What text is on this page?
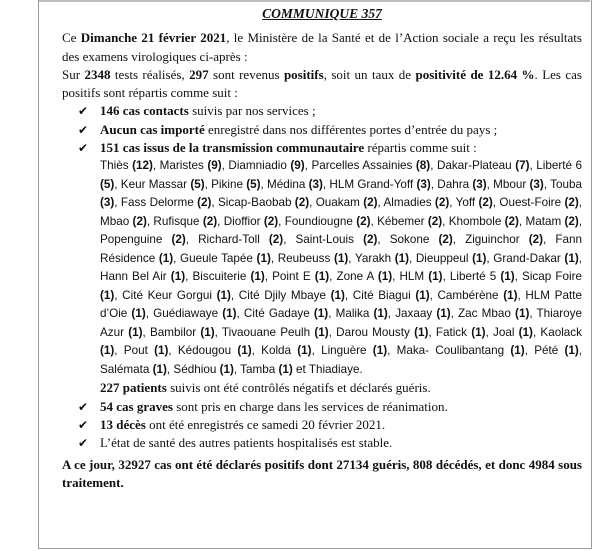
COMMUNIQUE 357

Ce Dimanche 21 février 2021, le Ministère de la Santé et de l’Action sociale a reçu les résultats des examens virologiques ci-après :

Sur 2348 tests réalisés, 297 sont revenus positifs, soit un taux de positivité de 12.64 %. Les cas positifs sont répartis comme suit :

✔ 146 cas contacts suivis par nos services ;
✔ Aucun cas importé enregistré dans nos différentes portes d’entrée du pays ;
✔ 151 cas issus de la transmission communautaire répartis comme suit :
Thiès (12), Maristes (9), Diamniadio (9), Parcelles Assainies (8), Dakar-Plateau (7), Liberté 6 (5), Keur Massar (5), Pikine (5), Médina (3), HLM Grand-Yoff (3), Dahra (3), Mbour (3), Touba (3), Fass Delorme (2), Sicap-Baobab (2), Ouakam (2), Almadies (2), Yoff (2), Ouest-Foire (2), Mbao (2), Rufisque (2), Dioffior (2), Foundiougne (2), Kébemer (2), Khombole (2), Matam (2), Popenguine (2), Richard-Toll (2), Saint-Louis (2), Sokone (2), Ziguinchor (2), Fann Résidence (1), Gueule Tapée (1), Reubeuss (1), Yarakh (1), Dieuppeul (1), Grand-Dakar (1), Hann Bel Air (1), Biscuiterie (1), Point E (1), Zone A (1), HLM (1), Liberté 5 (1), Sicap Foire (1), Cité Keur Gorgui (1), Cité Djily Mbaye (1), Cité Biagui (1), Cambérène (1), HLM Patte d’Oie (1), Guédiawaye (1), Cité Gadaye (1), Malika (1), Jaxaay (1), Zac Mbao (1), Thiaroye Azur (1), Bambilor (1), Tivaouane Peulh (1), Darou Mousty (1), Fatick (1), Joal (1), Kaolack (1), Pout (1), Kédougou (1), Kolda (1), Linguère (1), Maka- Coulibantang (1), Pété (1), Salémata (1), Sédhiou (1), Tamba (1) et Thiadiaye.

227 patients suivis ont été contrôlés négatifs et déclarés guéris.

✔ 54 cas graves sont pris en charge dans les services de réanimation.
✔ 13 décès ont été enregistrés ce samedi 20 février 2021.
✔ L’état de santé des autres patients hospitalisés est stable.

A ce jour, 32927 cas ont été déclarés positifs dont 27134 guéris, 808 décédés, et donc 4984 sous traitement.
